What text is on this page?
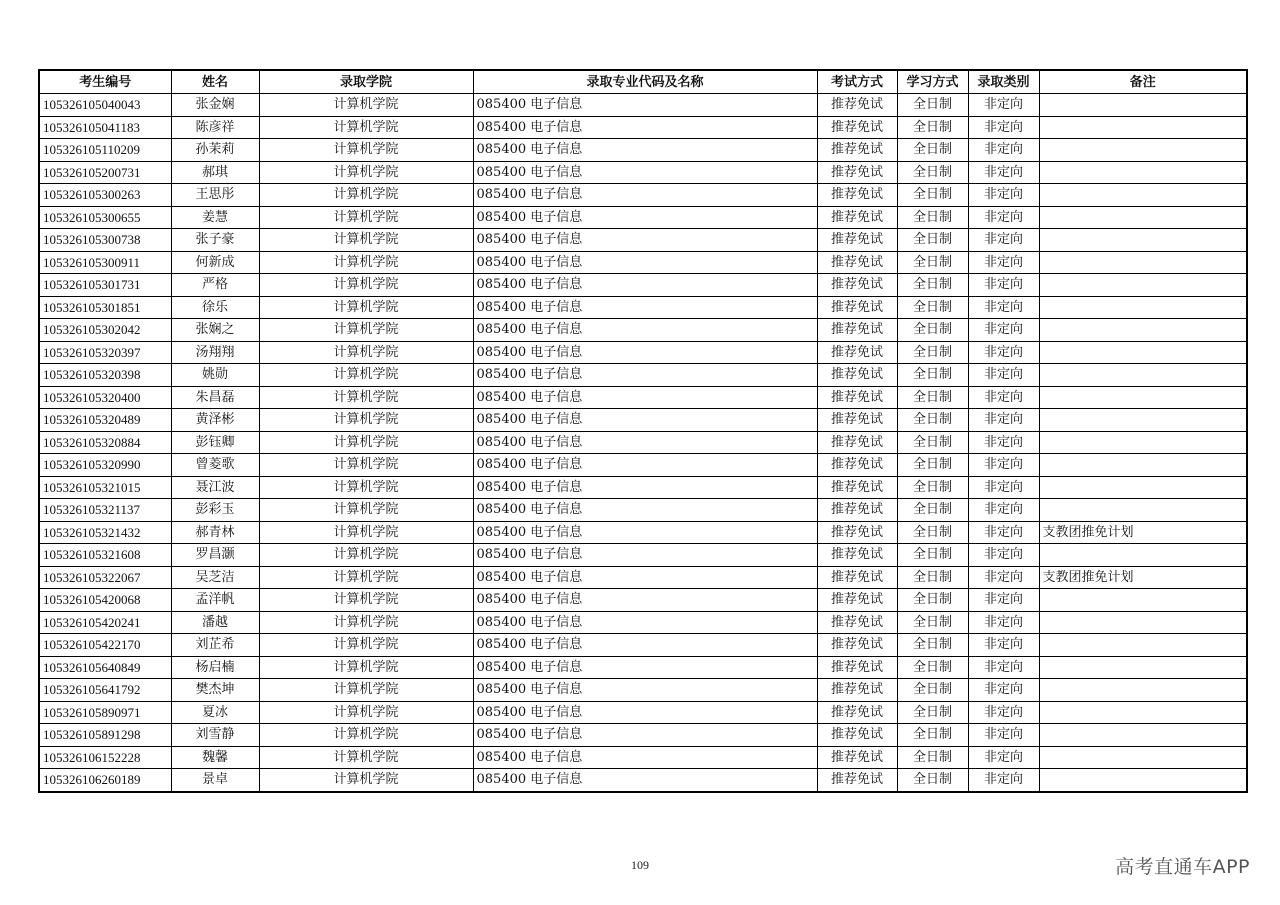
考生编号	姓名	录取学院	录取专业代码及名称	考试方式	学习方式	录取类别	备注
105326105040043	张金娴	计算机学院	085400 电子信息	推荐免试	全日制	非定向	
105326105041183	陈彦祥	计算机学院	085400 电子信息	推荐免试	全日制	非定向	
105326105110209	孙茉莉	计算机学院	085400 电子信息	推荐免试	全日制	非定向	
105326105200731	郝琪	计算机学院	085400 电子信息	推荐免试	全日制	非定向	
105326105300263	王思彤	计算机学院	085400 电子信息	推荐免试	全日制	非定向	
105326105300655	姜慧	计算机学院	085400 电子信息	推荐免试	全日制	非定向	
105326105300738	张子豪	计算机学院	085400 电子信息	推荐免试	全日制	非定向	
105326105300911	何新成	计算机学院	085400 电子信息	推荐免试	全日制	非定向	
105326105301731	严格	计算机学院	085400 电子信息	推荐免试	全日制	非定向	
105326105301851	徐乐	计算机学院	085400 电子信息	推荐免试	全日制	非定向	
105326105302042	张娴之	计算机学院	085400 电子信息	推荐免试	全日制	非定向	
105326105320397	汤翔翔	计算机学院	085400 电子信息	推荐免试	全日制	非定向	
105326105320398	姚勋	计算机学院	085400 电子信息	推荐免试	全日制	非定向	
105326105320400	朱昌磊	计算机学院	085400 电子信息	推荐免试	全日制	非定向	
105326105320489	黄泽彬	计算机学院	085400 电子信息	推荐免试	全日制	非定向	
105326105320884	彭钰卿	计算机学院	085400 电子信息	推荐免试	全日制	非定向	
105326105320990	曾菱歌	计算机学院	085400 电子信息	推荐免试	全日制	非定向	
105326105321015	聂江波	计算机学院	085400 电子信息	推荐免试	全日制	非定向	
105326105321137	彭彩玉	计算机学院	085400 电子信息	推荐免试	全日制	非定向	
105326105321432	郝青林	计算机学院	085400 电子信息	推荐免试	全日制	非定向	支教团推免计划
105326105321608	罗昌灏	计算机学院	085400 电子信息	推荐免试	全日制	非定向	
105326105322067	吴芝洁	计算机学院	085400 电子信息	推荐免试	全日制	非定向	支教团推免计划
105326105420068	孟洋帆	计算机学院	085400 电子信息	推荐免试	全日制	非定向	
105326105420241	潘越	计算机学院	085400 电子信息	推荐免试	全日制	非定向	
105326105422170	刘芷希	计算机学院	085400 电子信息	推荐免试	全日制	非定向	
105326105640849	杨启楠	计算机学院	085400 电子信息	推荐免试	全日制	非定向	
105326105641792	樊杰坤	计算机学院	085400 电子信息	推荐免试	全日制	非定向	
105326105890971	夏冰	计算机学院	085400 电子信息	推荐免试	全日制	非定向	
105326105891298	刘雪静	计算机学院	085400 电子信息	推荐免试	全日制	非定向	
105326106152228	魏馨	计算机学院	085400 电子信息	推荐免试	全日制	非定向	
105326106260189	景卓	计算机学院	085400 电子信息	推荐免试	全日制	非定向	
109	高考直通车APP
